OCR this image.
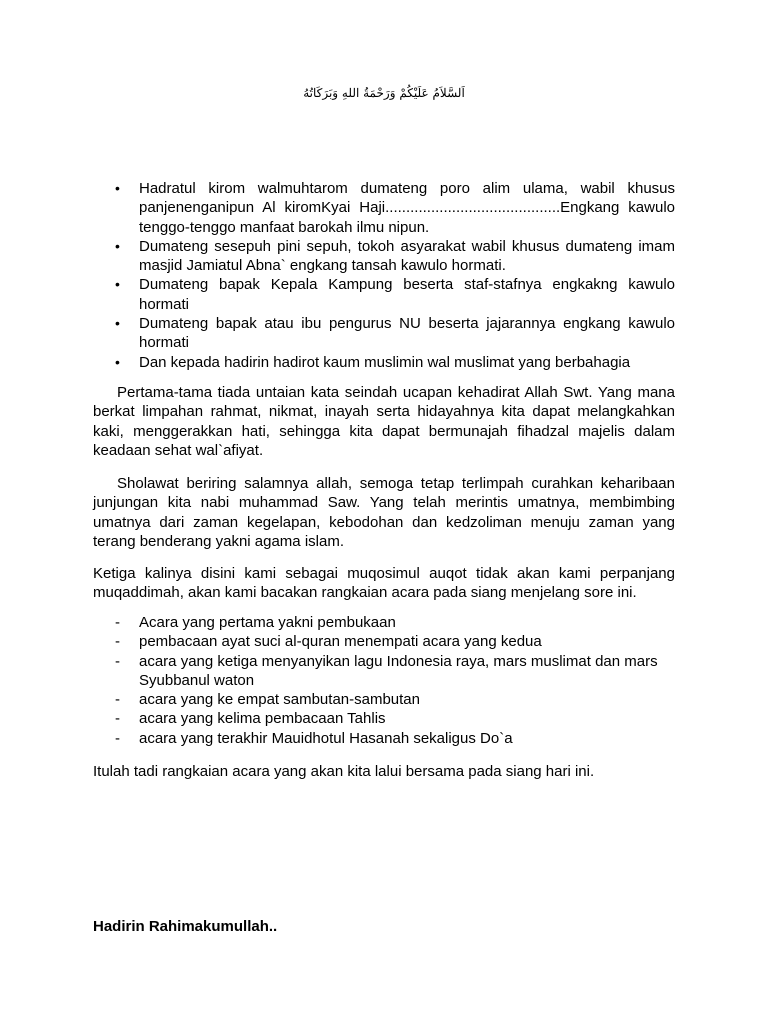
اَلسَّلاَمُ عَلَيْكُمْ وَرَحْمَةُ اللهِ وَبَرَكَاتُهُ
• Hadratul kirom walmuhtarom dumateng poro alim ulama, wabil khusus panjenenganipun Al kiromKyai Haji..........................................Engkang kawulo tenggo-tenggo manfaat barokah ilmu nipun.
• Dumateng sesepuh pini sepuh, tokoh asyarakat wabil khusus dumateng imam masjid Jamiatul Abna` engkang tansah kawulo hormati.
• Dumateng bapak Kepala Kampung beserta staf-stafnya engkakng kawulo hormati
• Dumateng bapak atau ibu pengurus NU beserta jajarannya engkang kawulo hormati
• Dan kepada hadirin hadirot kaum muslimin wal muslimat yang berbahagia

Pertama-tama tiada untaian kata seindah ucapan kehadirat Allah Swt. Yang mana berkat limpahan rahmat, nikmat, inayah serta hidayahnya kita dapat melangkahkan kaki, menggerakkan hati, sehingga kita dapat bermunajah fihadzal majelis dalam keadaan sehat wal`afiyat.

Sholawat beriring salamnya allah, semoga tetap terlimpah curahkan keharibaan junjungan kita nabi muhammad Saw. Yang telah merintis umatnya, membimbing umatnya dari zaman kegelapan, kebodohan dan kedzoliman menuju zaman yang terang benderang yakni agama islam.

Ketiga kalinya disini kami sebagai muqosimul auqot tidak akan kami perpanjang muqaddimah, akan kami bacakan rangkaian acara pada siang menjelang sore ini.

- Acara yang pertama yakni pembukaan
- pembacaan ayat suci al-quran menempati acara yang kedua
- acara yang ketiga menyanyikan lagu Indonesia raya, mars muslimat dan mars Syubbanul waton
- acara yang ke empat sambutan-sambutan
- acara yang kelima pembacaan Tahlis
- acara yang terakhir Mauidhotul Hasanah sekaligus Do`a

Itulah tadi rangkaian acara yang akan kita lalui bersama pada siang hari ini.

Hadirin Rahimakumullah..
